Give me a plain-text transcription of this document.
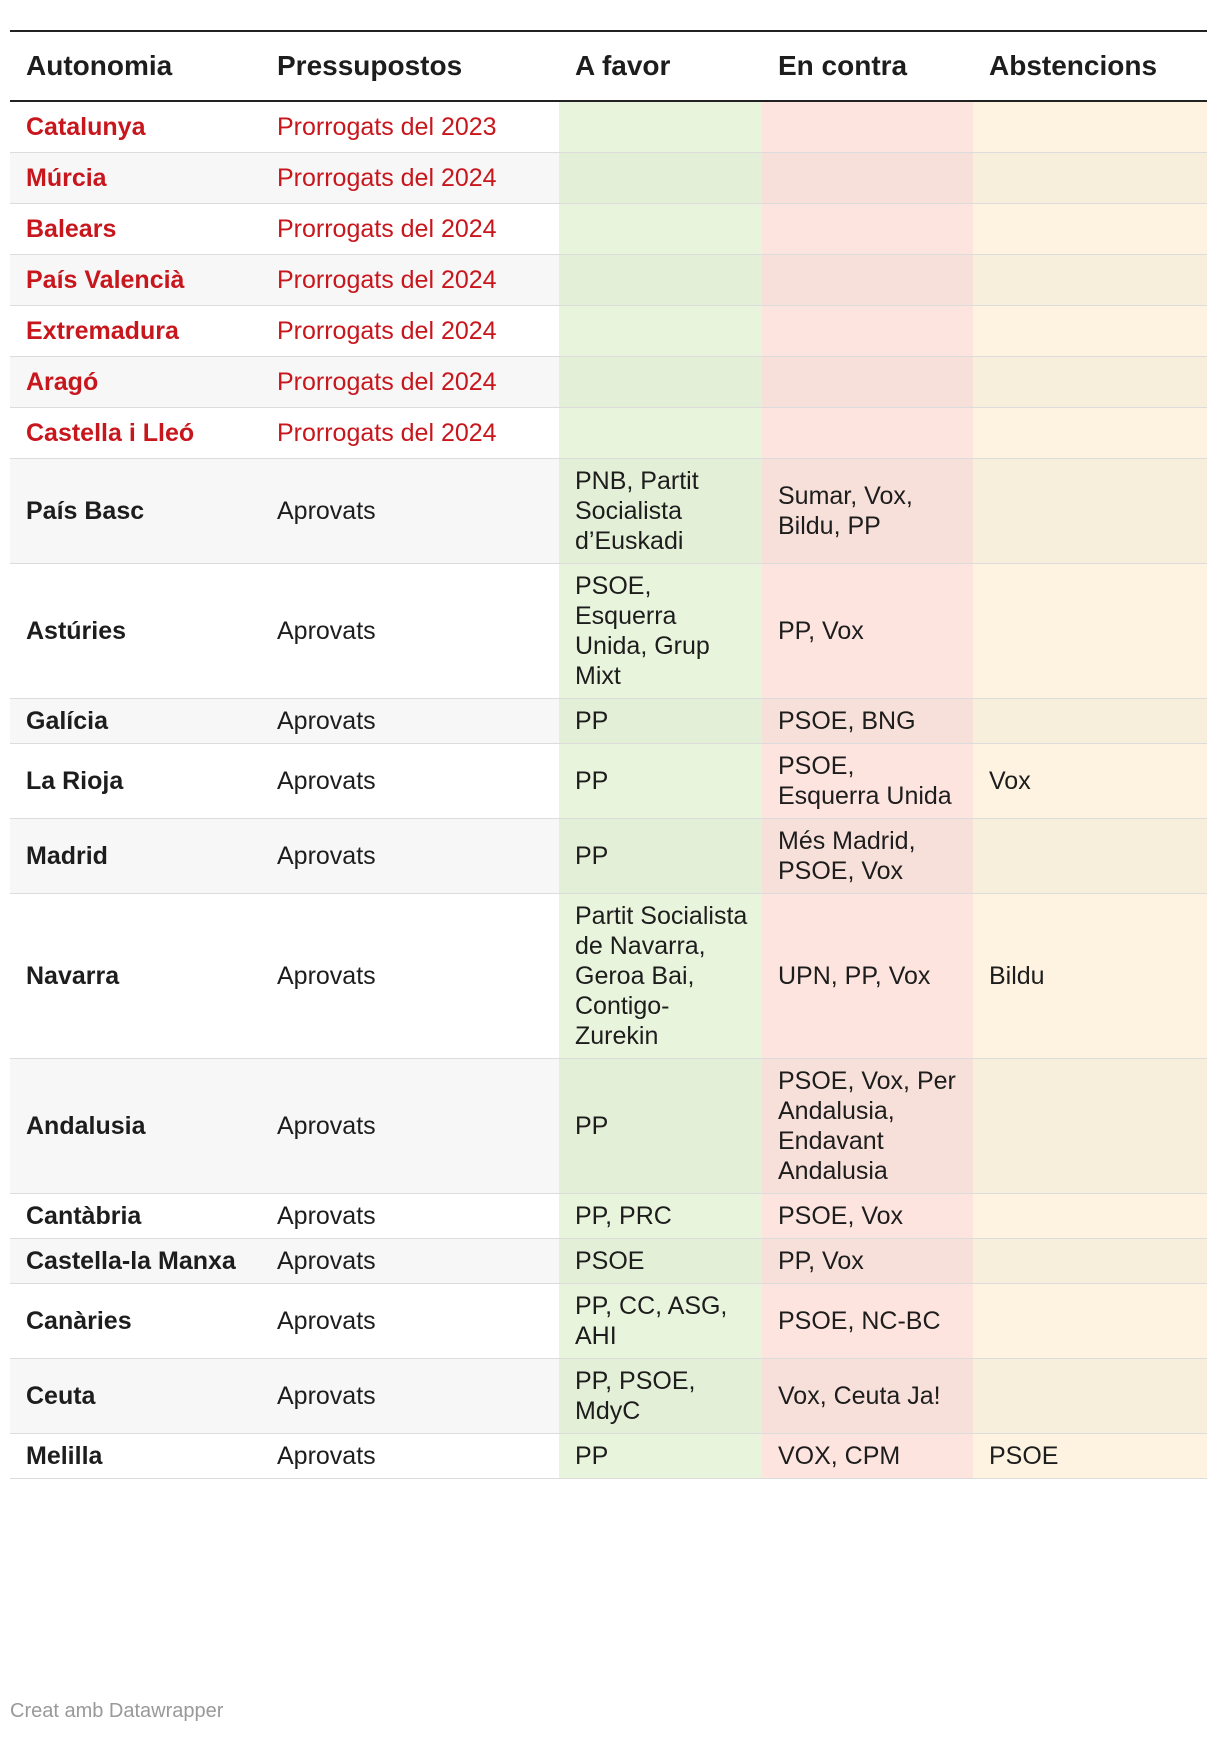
Autonomia	Pressupostos	A favor	En contra	Abstencions
Catalunya	Prorrogats del 2023			
Múrcia	Prorrogats del 2024			
Balears	Prorrogats del 2024			
País Valencià	Prorrogats del 2024			
Extremadura	Prorrogats del 2024			
Aragó	Prorrogats del 2024			
Castella i Lleó	Prorrogats del 2024			
País Basc	Aprovats	PNB, Partit Socialista d’Euskadi	Sumar, Vox, Bildu, PP	
Astúries	Aprovats	PSOE, Esquerra Unida, Grup Mixt	PP, Vox	
Galícia	Aprovats	PP	PSOE, BNG	
La Rioja	Aprovats	PP	PSOE, Esquerra Unida	Vox
Madrid	Aprovats	PP	Més Madrid, PSOE, Vox	
Navarra	Aprovats	Partit Socialista de Navarra, Geroa Bai, Contigo-Zurekin	UPN, PP, Vox	Bildu
Andalusia	Aprovats	PP	PSOE, Vox, Per Andalusia, Endavant Andalusia	
Cantàbria	Aprovats	PP, PRC	PSOE, Vox	
Castella-la Manxa	Aprovats	PSOE	PP, Vox	
Canàries	Aprovats	PP, CC, ASG, AHI	PSOE, NC-BC	
Ceuta	Aprovats	PP, PSOE, MdyC	Vox, Ceuta Ja!	
Melilla	Aprovats	PP	VOX, CPM	PSOE
Creat amb Datawrapper
